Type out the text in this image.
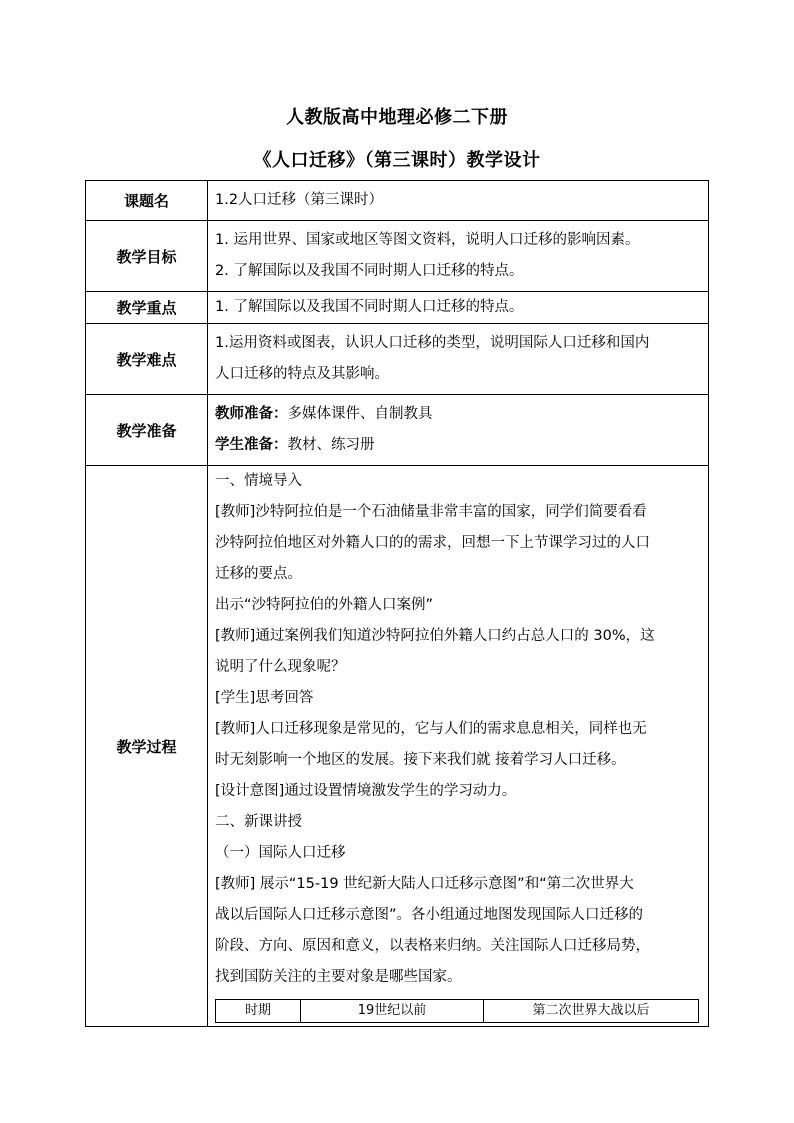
人教版高中地理必修二下册
《人口迁移》（第三课时）教学设计
课题名	1.2人口迁移（第三课时）

教学目标	
1. 运用世界、国家或地区等图文资料，说明人口迁移的影响因素。
2. 了解国际以及我国不同时期人口迁移的特点。

教学重点	1. 了解国际以及我国不同时期人口迁移的特点。

教学难点	
1.运用资料或图表，认识人口迁移的类型，说明国际人口迁移和国内
人口迁移的特点及其影响。

教学准备	
教师准备：多媒体课件、自制教具
学生准备：教材、练习册

教学过程	
一、情境导入
[教师]沙特阿拉伯是一个石油储量非常丰富的国家，同学们简要看看
沙特阿拉伯地区对外籍人口的的需求，回想一下上节课学习过的人口
迁移的要点。
出示“沙特阿拉伯的外籍人口案例”
[教师]通过案例我们知道沙特阿拉伯外籍人口约占总人口的 30%，这
说明了什么现象呢？
[学生]思考回答
[教师]人口迁移现象是常见的，它与人们的需求息息相关，同样也无
时无刻影响一个地区的发展。接下来我们就 接着学习人口迁移。
[设计意图]通过设置情境激发学生的学习动力。
二、新课讲授
（一）国际人口迁移
[教师] 展示“15-19 世纪新大陆人口迁移示意图”和“第二次世界大
战以后国际人口迁移示意图”。各小组通过地图发现国际人口迁移的
阶段、方向、原因和意义，以表格来归纳。关注国际人口迁移局势，
找到国防关注的主要对象是哪些国家。
时期	19世纪以前	第二次世界大战以后
